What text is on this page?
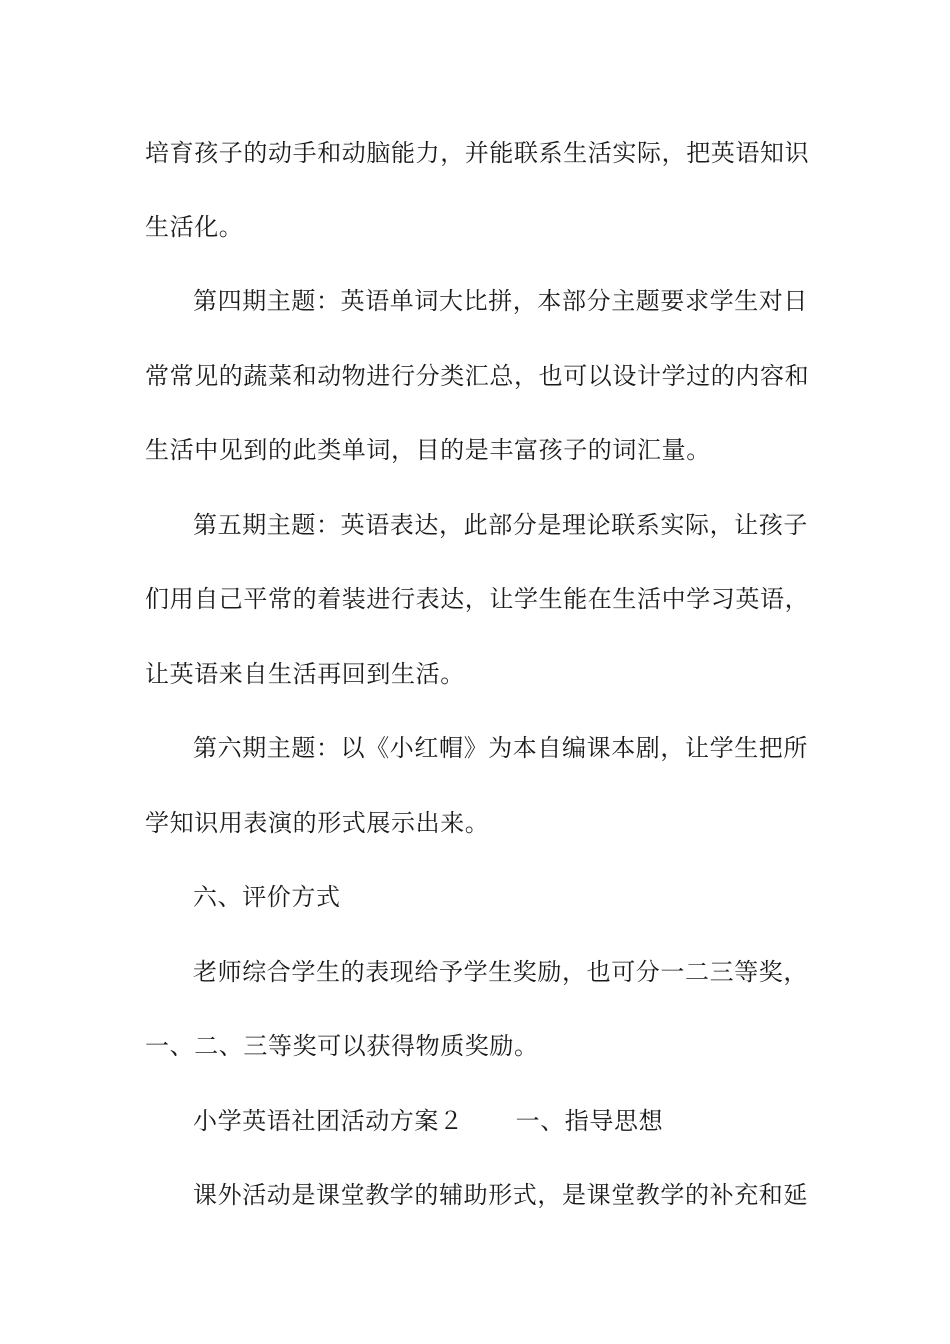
培育孩子的动手和动脑能力，并能联系生活实际，把英语知识
生活化。
第四期主题：英语单词大比拼，本部分主题要求学生对日
常常见的蔬菜和动物进行分类汇总，也可以设计学过的内容和
生活中见到的此类单词，目的是丰富孩子的词汇量。
第五期主题：英语表达，此部分是理论联系实际，让孩子
们用自己平常的着装进行表达，让学生能在生活中学习英语，
让英语来自生活再回到生活。
第六期主题：以《小红帽》为本自编课本剧，让学生把所
学知识用表演的形式展示出来。
六、评价方式
老师综合学生的表现给予学生奖励，也可分一二三等奖，
一、二、三等奖可以获得物质奖励。
小学英语社团活动方案２ 一、指导思想
课外活动是课堂教学的辅助形式，是课堂教学的补充和延
